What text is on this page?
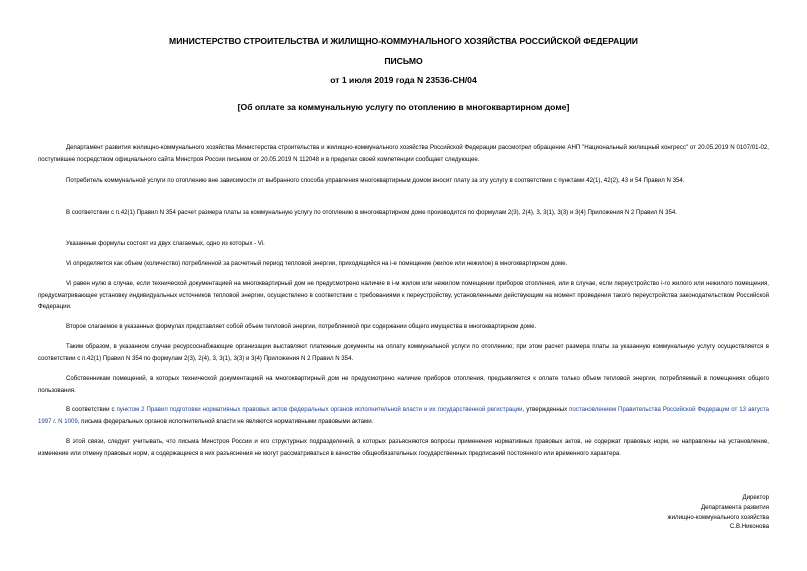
МИНИСТЕРСТВО СТРОИТЕЛЬСТВА И ЖИЛИЩНО-КОММУНАЛЬНОГО ХОЗЯЙСТВА РОССИЙСКОЙ ФЕДЕРАЦИИ
ПИСЬМО
от 1 июля 2019 года N 23536-СН/04
[Об оплате за коммунальную услугу по отоплению в многоквартирном доме]
Департамент развития жилищно-коммунального хозяйства Министерства строительства и жилищно-коммунального хозяйства Российской Федерации рассмотрел обращение АНП "Национальный жилищный конгресс" от 20.05.2019 N 0107/01-02, поступившее посредством официального сайта Минстроя России письмом от 20.05.2019 N 112048 и в пределах своей компетенции сообщает следующее.
Потребитель коммунальной услуги по отоплению вне зависимости от выбранного способа управления многоквартирным домом вносит плату за эту услугу в соответствии с пунктами 42(1), 42(2), 43 и 54 Правил N 354.
В соответствии с п.42(1) Правил N 354 расчет размера платы за коммунальную услугу по отоплению в многоквартирном доме производится по формулам 2(3), 2(4), 3, 3(1), 3(3) и 3(4) Приложения N 2 Правил N 354.
Указанные формулы состоят из двух слагаемых, одно из которых - Vi.
Vi определяется как объем (количество) потребленной за расчетный период тепловой энергии, приходящийся на i-е помещение (жилое или нежилое) в многоквартирном доме.
Vi равен нулю в случае, если технической документацией на многоквартирный дом не предусмотрено наличие в i-м жилом или нежилом помещении приборов отопления, или в случае, если переустройство i-го жилого или нежилого помещения, предусматривающее установку индивидуальных источников тепловой энергии, осуществлено в соответствии с требованиями к переустройству, установленными действующим на момент проведения такого переустройства законодательством Российской Федерации.
Второе слагаемое в указанных формулах представляет собой объем тепловой энергии, потребляемой при содержании общего имущества в многоквартирном доме.
Таким образом, в указанном случае ресурсоснабжающие организации выставляют платежные документы на оплату коммунальной услуги по отоплению; при этом расчет размера платы за указанную коммунальную услугу осуществляется в соответствии с п.42(1) Правил N 354 по формулам 2(3), 2(4), 3, 3(1), 3(3) и 3(4) Приложения N 2 Правил N 354.
Собственникам помещений, в которых технической документацией на многоквартирный дом не предусмотрено наличие приборов отопления, предъявляется к оплате только объем тепловой энергии, потребляемый в помещениях общего пользования.
В соответствии с пунктом 2 Правил подготовки нормативных правовых актов федеральных органов исполнительной власти и их государственной регистрации, утвержденных постановлением Правительства Российской Федерации от 13 августа 1997 г. N 1009, письма федеральных органов исполнительной власти не являются нормативными правовыми актами.
В этой связи, следует учитывать, что письма Минстроя России и его структурных подразделений, в которых разъясняются вопросы применения нормативных правовых актов, не содержат правовых норм, не направлены на установление, изменение или отмену правовых норм, а содержащиеся в них разъяснения не могут рассматриваться в качестве общеобязательных государственных предписаний постоянного или временного характера.
Директор
Департамента развития
жилищно-коммунального хозяйства
С.В.Никонова
